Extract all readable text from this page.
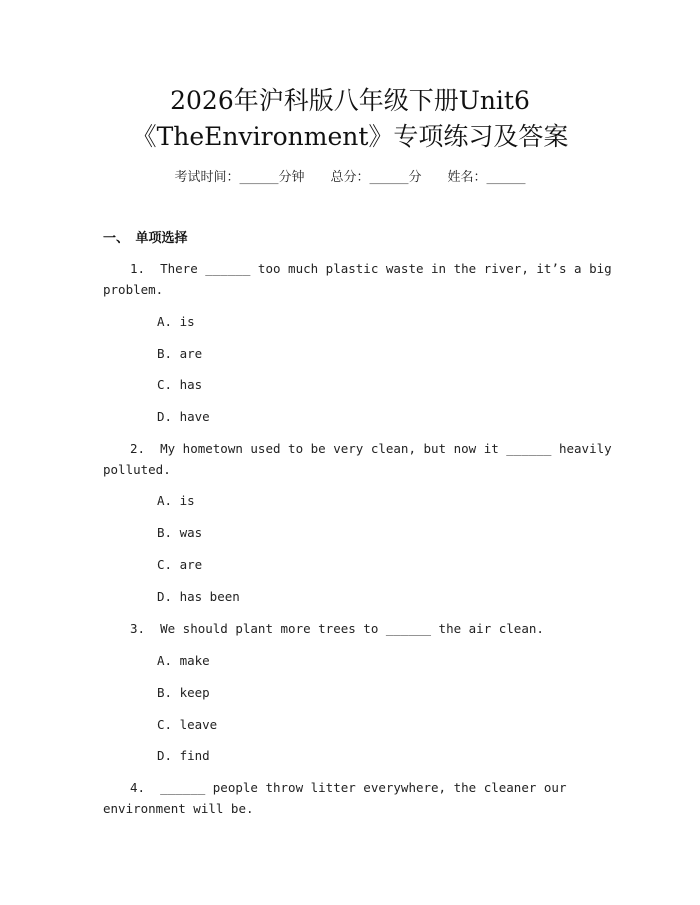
2026年沪科版八年级下册Unit6
《TheEnvironment》专项练习及答案
考试时间：______分钟　　总分：______分　　姓名：______
一、　单项选择
1.  There ______ too much plastic waste in the river, it’s a big
problem.
A. is
B. are
C. has
D. have
2.  My hometown used to be very clean, but now it ______ heavily
polluted.
A. is
B. was
C. are
D. has been
3.  We should plant more trees to ______ the air clean.
A. make
B. keep
C. leave
D. find
4.  ______ people throw litter everywhere, the cleaner our
environment will be.
